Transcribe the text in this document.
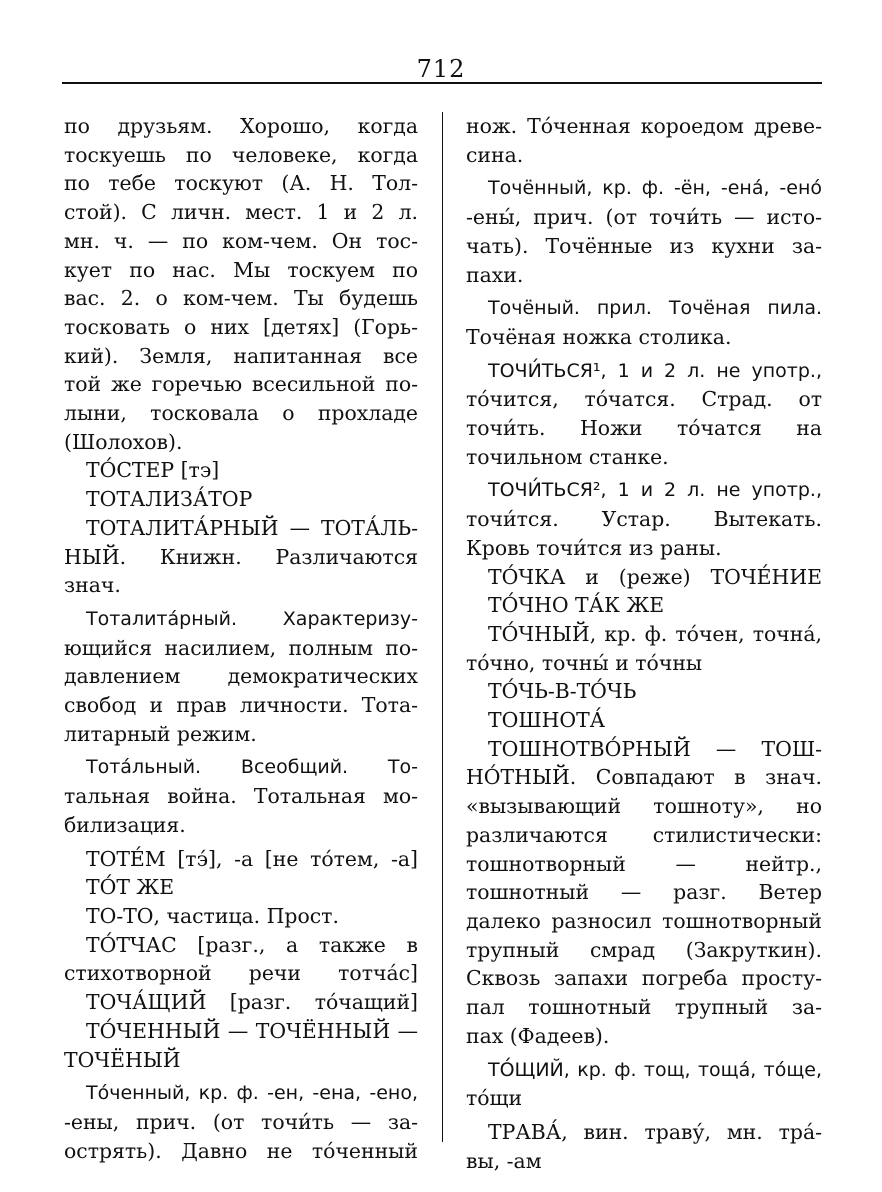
712
по друзьям. Хорошо, когда
тоскуешь по человеке, когда
по тебе тоскуют (А. Н. Тол-
стой). С личн. мест. 1 и 2 л.
мн. ч. — по ком-чем. Он тос-
кует по нас. Мы тоскуем по
вас. 2. о ком-чем. Ты будешь
тосковать о них [детях] (Горь-
кий). Земля, напитанная все
той же горечью всесильной по-
лыни, тосковала о прохладе
(Шолохов).
ТО́СТЕР [тэ]
ТОТАЛИЗА́ТОР
ТОТАЛИТА́РНЫЙ — ТОТА́ЛЬ-
НЫЙ. Книжн. Различаются
знач.
Тоталита́рный. Характеризу-
ющийся насилием, полным по-
давлением демократических
свобод и прав личности. Тота-
литарный режим.
Тота́льный. Всеобщий. То-
тальная война. Тотальная мо-
билизация.
ТОТЕ́М [тэ́], -а [не то́тем, -а]
ТО́Т ЖЕ
ТО-ТО, частица. Прост.
ТО́ТЧАС [разг., а также в
стихотворной речи тотча́с]
ТОЧА́ЩИЙ [разг. то́чащий]
ТО́ЧЕННЫЙ — ТОЧЁННЫЙ —
ТОЧЁНЫЙ
То́ченный, кр. ф. -ен, -ена, -ено,
-ены, прич. (от точи́ть — за-
острять). Давно не то́ченный
нож. То́ченная короедом древе-
сина.
Точённый, кр. ф. -ён, -ена́, -ено́
-ены́, прич. (от точи́ть — исто-
чать). Точённые из кухни за-
пахи.
Точёный. прил. Точёная пила.
Точёная ножка столика.
ТОЧИ́ТЬСЯ¹, 1 и 2 л. не употр.,
то́чится, то́чатся. Страд. от
точи́ть. Ножи то́чатся на
точильном станке.
ТОЧИ́ТЬСЯ², 1 и 2 л. не употр.,
точи́тся. Устар. Вытекать.
Кровь точи́тся из раны.
ТО́ЧКА и (реже) ТОЧЕ́НИЕ
ТО́ЧНО ТА́К ЖЕ
ТО́ЧНЫЙ, кр. ф. то́чен, точна́,
то́чно, точны́ и то́чны
ТО́ЧЬ-В-ТО́ЧЬ
ТОШНОТА́
ТОШНОТВО́РНЫЙ — ТОШ-
НО́ТНЫЙ. Совпадают в знач.
«вызывающий тошноту», но
различаются стилистически:
тошнотворный — нейтр.,
тошнотный — разг. Ветер
далеко разносил тошнотворный
трупный смрад (Закруткин).
Сквозь запахи погреба просту-
пал тошнотный трупный за-
пах (Фадеев).
ТО́ЩИЙ, кр. ф. тощ, тоща́, то́ще,
то́щи
ТРАВА́, вин. траву́, мн. тра́-
вы, -ам
